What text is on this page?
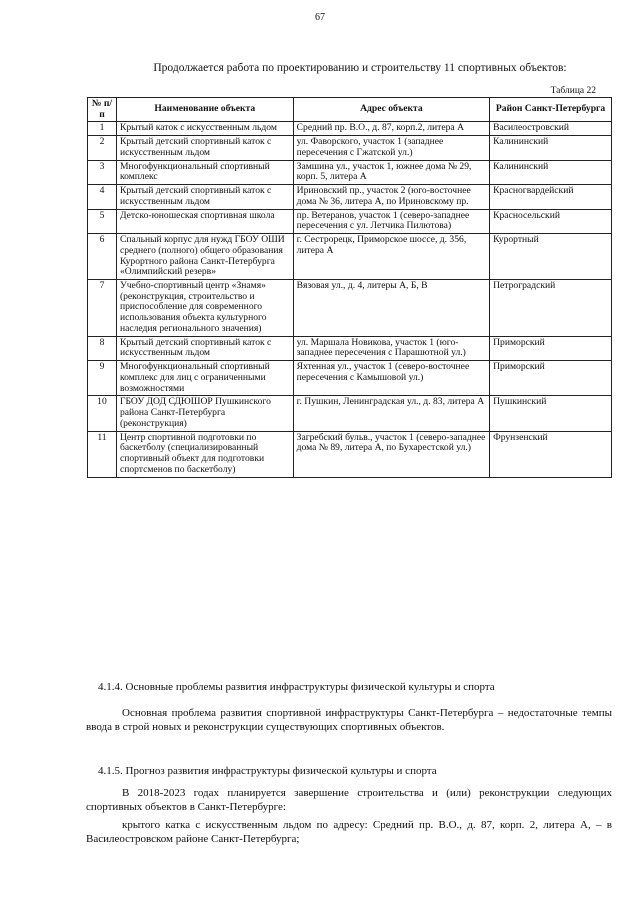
67
Продолжается работа по проектированию и строительству 11 спортивных объектов:
Таблица 22
№ п/п	Наименование объекта	Адрес объекта	Район Санкт-Петербурга
1	Крытый каток с искусственным льдом	Средний пр. В.О., д. 87, корп.2, литера А	Василеостровский
2	Крытый детский спортивный каток с искусственным льдом	ул. Фаворского, участок 1 (западнее пересечения с Гжатской ул.)	Калининский
3	Многофункциональный спортивный комплекс	Замшина ул., участок 1, южнее дома № 29, корп. 5, литера А	Калининский
4	Крытый детский спортивный каток с искусственным льдом	Ириновский пр., участок 2 (юго-восточнее дома № 36, литера А, по Ириновскому пр.	Красногвардейский
5	Детско-юношеская спортивная школа	пр. Ветеранов, участок 1 (северо-западнее пересечения с ул. Летчика Пилютова)	Красносельский
6	Спальный корпус для нужд ГБОУ ОШИ среднего (полного) общего образования Курортного района Санкт-Петербурга «Олимпийский резерв»	г. Сестрорецк, Приморское шоссе, д. 356, литера А	Курортный
7	Учебно-спортивный центр «Знамя» (реконструкция, строительство и приспособление для современного использования объекта культурного наследия регионального значения)	Вязовая ул., д. 4, литеры А, Б, В	Петроградский
8	Крытый детский спортивный каток с искусственным льдом	ул. Маршала Новикова, участок 1 (юго-западнее пересечения с Парашютной ул.)	Приморский
9	Многофункциональный спортивный комплекс для лиц с ограниченными возможностями	Яхтенная ул., участок 1 (северо-восточнее пересечения с Камышовой ул.)	Приморский
10	ГБОУ ДОД СДЮШОР Пушкинского района Санкт-Петербурга (реконструкция)	г. Пушкин, Ленинградская ул., д. 83, литера А	Пушкинский
11	Центр спортивной подготовки по баскетболу (специализированный спортивный объект для подготовки спортсменов по баскетболу)	Загребский бульв., участок 1 (северо-западнее дома № 89, литера А, по Бухарестской ул.)	Фрунзенский
4.1.4. Основные проблемы развития инфраструктуры физической культуры и спорта
Основная проблема развития спортивной инфраструктуры Санкт-Петербурга – недостаточные темпы ввода в строй новых и реконструкции существующих спортивных объектов.
4.1.5. Прогноз развития инфраструктуры физической культуры и спорта
В 2018-2023 годах планируется завершение строительства и (или) реконструкции следующих спортивных объектов в Санкт-Петербурге:
крытого катка с искусственным льдом по адресу: Средний пр. В.О., д. 87, корп. 2, литера А, – в Василеостровском районе Санкт-Петербурга;
